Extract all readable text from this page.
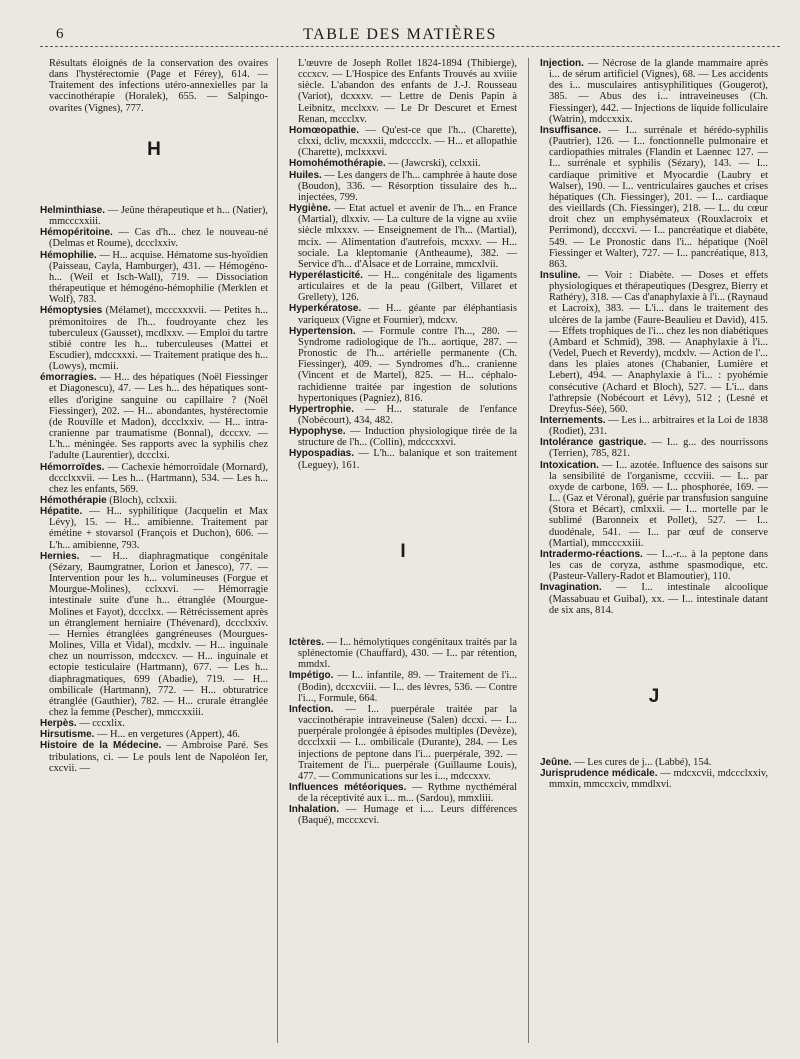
6	TABLE DES MATIÈRES

Résultats éloignés de la conservation des ovaires dans l'hystérectomie (Page et Férey), 614. — Traitement des infections utéro-annexielles par la vaccinothérapie (Horalek), 655. — Salpingo-ovarites (Vignes), 777.

H

Helminthiase. — Jeûne thérapeutique et h... (Natier), mmcccxxiii.

Hémopéritoine. — Cas d'h... chez le nouveau-né (Delmas et Roume), dccclxxiv.

Hémophilie. — H... acquise. Hématome sus-hyoïdien (Paisseau, Cayla, Hamburger), 431. — Hémogéno-h... (Weil et Isch-Wall), 719. — Dissociation thérapeutique et hémogéno-hémophilie (Merklen et Wolf), 783.

Hémoptysies (Mélamet), mcccxxxvii. — Petites h... prémonitoires de l'h... foudroyante chez les tuberculeux (Gausset), mcdlxxv. — Emploi du tartre stibié contre les h... tuberculeuses (Mattei et Escudier), mdccxxxi. — Traitement pratique des h... (Lowys), mcmii.

émorragies. — H... des hépatiques (Noël Fiessinger et Diagonescu), 47. — Les h... des hépatiques sont-elles d'origine sanguine ou capillaire ? (Noël Fiessinger), 202. — H... abondantes, hystérectomie (de Rouville et Madon), dccclxxiv. — H... intra-cranienne par traumatisme (Bonnal), dcccxv. — L'h... méningée. Ses rapports avec la syphilis chez l'adulte (Laurentier), dccclxi.

Hémorroïdes. — Cachexie hémorroïdale (Mornard), dccclxxvii. — Les h... (Hartmann), 534. — Les h... chez les enfants, 569.

Hémothérapie (Bloch), cclxxii.

Hépatite. — H... syphilitique (Jacquelin et Max Lévy), 15. — H... amibienne. Traitement par émétine + stovarsol (François et Duchon), 606. — L'h... amibienne, 793.

Hernies. — H... diaphragmatique congénitale (Sézary, Baumgratner, Lorion et Janesco), 77. — Intervention pour les h... volumineuses (Forgue et Mourgue-Molines), cclxxvi. — Hémorragie intestinale suite d'une h... étranglée (Mourgue-Molines et Fayot), dccclxx. — Rétrécissement après un étranglement herniaire (Thévenard), dccclxxiv. — Hernies étranglées gangréneuses (Mourgues-Molines, Villa et Vidal), mcdxlv. — H... inguinale chez un nourrisson, mdccxcv. — H... inguinale et ectopie testiculaire (Hartmann), 677. — Les h... diaphragmatiques, 699 (Abadie), 719. — H... ombilicale (Hartmann), 772. — H... obturatrice étranglée (Gauthier), 782. — H... crurale étranglée chez la femme (Pescher), mmccxxiii.

Herpès. — cccxlix.

Hirsutisme. — H... en vergetures (Appert), 46.

Histoire de la Médecine. — Ambroise Paré. Ses tribulations, ci. — Le pouls lent de Napoléon Ier, cxcvii. —

L'œuvre de Joseph Rollet 1824-1894 (Thibierge), cccxcv. — L'Hospice des Enfants Trouvés au xviiie siècle. L'abandon des enfants de J.-J. Rousseau (Variot), dcxxxv. — Lettre de Denis Papin à Leibnitz, mcclxxv. — Le Dr Descuret et Ernest Renan, mccclxv.

Homœopathie. — Qu'est-ce que l'h... (Charette), clxxi, dcliv, mcxxxii, mdcccclx. — H... et allopathie (Charette), mclxxxvi.

Homohémothérapie. — (Jawcrski), cclxxii.

Huiles. — Les dangers de l'h... camphrée à haute dose (Boudon), 336. — Résorption tissulaire des h... injectées, 799.

Hygiène. — Etat actuel et avenir de l'h... en France (Martial), dlxxiv. — La culture de la vigne au xviie siècle mlxxxv. — Enseignement de l'h... (Martial), mcix. — Alimentation d'autrefois, mcxxv. — H... sociale. La kleptomanie (Antheaume), 382. — Service d'h... d'Alsace et de Lorraine, mmcxlvii.

Hyperélasticité. — H... congénitale des ligaments articulaires et de la peau (Gilbert, Villaret et Grellety), 126.

Hyperkératose. — H... géante par éléphantiasis variqueux (Vigne et Fournier), mdcxv.

Hypertension. — Formule contre l'h..., 280. — Syndrome radiologique de l'h... aortique, 287. — Pronostic de l'h... artérielle permanente (Ch. Fiessinger), 409. — Syndromes d'h... cranienne (Vincent et de Martel), 825. — H... céphalo-rachidienne traitée par ingestion de solutions hypertoniques (Pagniez), 816.

Hypertrophie. — H... staturale de l'enfance (Nobécourt), 434, 482.

Hypophyse. — Induction physiologique tirée de la structure de l'h... (Collin), mdcccxxvi.

Hypospadias. — L'h... balanique et son traitement (Leguey), 161.

I

Ictères. — I... hémolytiques congénitaux traités par la splénectomie (Chauffard), 430. — I... par rétention, mmdxl.

Impétigo. — I... infantile, 89. — Traitement de l'i... (Bodin), dccxcviii. — I... des lèvres, 536. — Contre l'i..., Formule, 664.

Infection. — I... puerpérale traitée par la vaccinothérapie intraveineuse (Salen) dccxi. — I... puerpérale prolongée à épisodes multiples (Devèze), dccclxxii — I... ombilicale (Durante), 284. — Les injections de peptone dans l'i... puerpérale, 392. — Traitement de l'i... puerpérale (Guillaume Louis), 477. — Communications sur les i..., mdccxxv.

Influences météoriques. — Rythme nycthéméral de la réceptivité aux i... m... (Sardou), mmxliii.

Inhalation. — Humage et i.... Leurs différences (Baqué), mcccxcvi.

Injection. — Nécrose de la glande mammaire après i... de sérum artificiel (Vignes), 68. — Les accidents des i... musculaires antisyphilitiques (Gougerot), 385. — Abus des i... intraveineuses (Ch. Fiessinger), 442. — Injections de liquide folliculaire (Watrin), mdccxxix.

Insuffisance. — I... surrénale et hérédo-syphilis (Pautrier), 126. — I... fonctionnelle pulmonaire et cardiopathies mitrales (Flandin et Laennec 127. — I... surrénale et syphilis (Sézary), 143. — I... cardiaque primitive et Myocardie (Laubry et Walser), 190. — I... ventriculaires gauches et crises hépatiques (Ch. Fiessinger), 201. — I... cardiaque des vieillards (Ch. Fiessinger), 218. — I... du cœur droit chez un emphysémateux (Rouxlacroix et Perrimond), dcccxvi. — I... pancréatique et diabète, 549. — Le Pronostic dans l'i... hépatique (Noël Fiessinger et Walter), 727. — I... pancréatique, 813, 863.

Insuline. — Voir : Diabète. — Doses et effets physiologiques et thérapeutiques (Desgrez, Bierry et Rathéry), 318. — Cas d'anaphylaxie à l'i... (Raynaud et Lacroix), 383. — L'i... dans le traitement des ulcères de la jambe (Faure-Beaulieu et David), 415. — Effets trophiques de l'i... chez les non diabétiques (Ambard et Schmid), 398. — Anaphylaxie à l'i... (Vedel, Puech et Reverdy), mcdxlv. — Action de l'... dans les plaies atones (Chabanier, Lumière et Lebert), 494. — Anaphylaxie à l'i... : pyohémie consécutive (Achard et Bloch), 527. — L'i... dans l'athrepsie (Nobécourt et Lévy), 512 ; (Lesné et Dreyfus-Sée), 560.

Internements. — Les i... arbitraires et la Loi de 1838 (Rodiet), 231.

Intolérance gastrique. — I... g... des nourrissons (Terrien), 785, 821.

Intoxication. — I... azotée. Influence des saisons sur la sensibilité de l'organisme, cccviii. — I... par oxyde de carbone, 169. — I... phosphorée, 169. — I... (Gaz et Véronal), guérie par transfusion sanguine (Stora et Bécart), cmlxxii. — I... mortelle par le sublimé (Baronneix et Pollet), 527. — I... duodénale, 541. — I... par œuf de conserve (Martial), mmcccxxiii.

Intradermo-réactions. — I...-r... à la peptone dans les cas de coryza, asthme spasmodique, etc. (Pasteur-Vallery-Radot et Blamoutier), 110.

Invagination. — I... intestinale alcoolique (Massabuau et Guibal), xx. — I... intestinale datant de six ans, 814.

J

Jeûne. — Les cures de j... (Labbé), 154.

Jurisprudence médicale. — mdcxcvii, mdccclxxiv, mmxin, mmccxciv, mmdlxvi.
